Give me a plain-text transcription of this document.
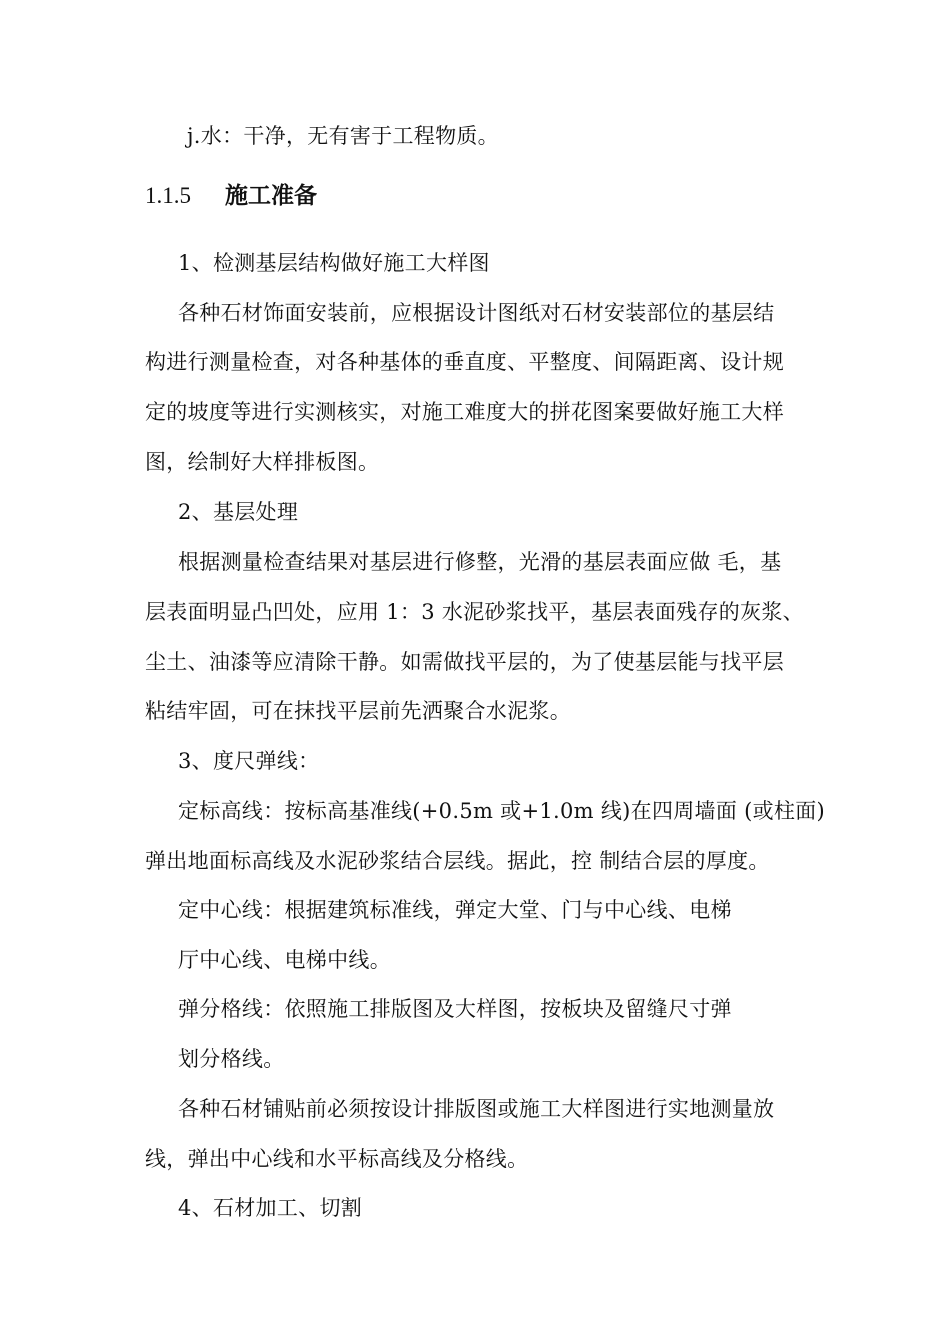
j.水：干净，无有害于工程物质。
1.1.5 施工准备
1、检测基层结构做好施工大样图
各种石材饰面安装前，应根据设计图纸对石材安装部位的基层结
构进行测量检查，对各种基体的垂直度、平整度、间隔距离、设计规
定的坡度等进行实测核实，对施工难度大的拼花图案要做好施工大样
图，绘制好大样排板图。
2、基层处理
根据测量检查结果对基层进行修整，光滑的基层表面应做 毛，基
层表面明显凸凹处，应用 1：3 水泥砂浆找平，基层表面残存的灰浆、
尘土、油漆等应清除干静。如需做找平层的，为了使基层能与找平层
粘结牢固，可在抹找平层前先洒聚合水泥浆。
3、度尺弹线：
定标高线：按标高基准线(+0.5m 或+1.0m 线)在四周墙面 (或柱面)
弹出地面标高线及水泥砂浆结合层线。据此，控 制结合层的厚度。
定中心线：根据建筑标准线，弹定大堂、门与中心线、电梯
厅中心线、电梯中线。
弹分格线：依照施工排版图及大样图，按板块及留缝尺寸弹
划分格线。
各种石材铺贴前必须按设计排版图或施工大样图进行实地测量放
线，弹出中心线和水平标高线及分格线。
4、石材加工、切割
